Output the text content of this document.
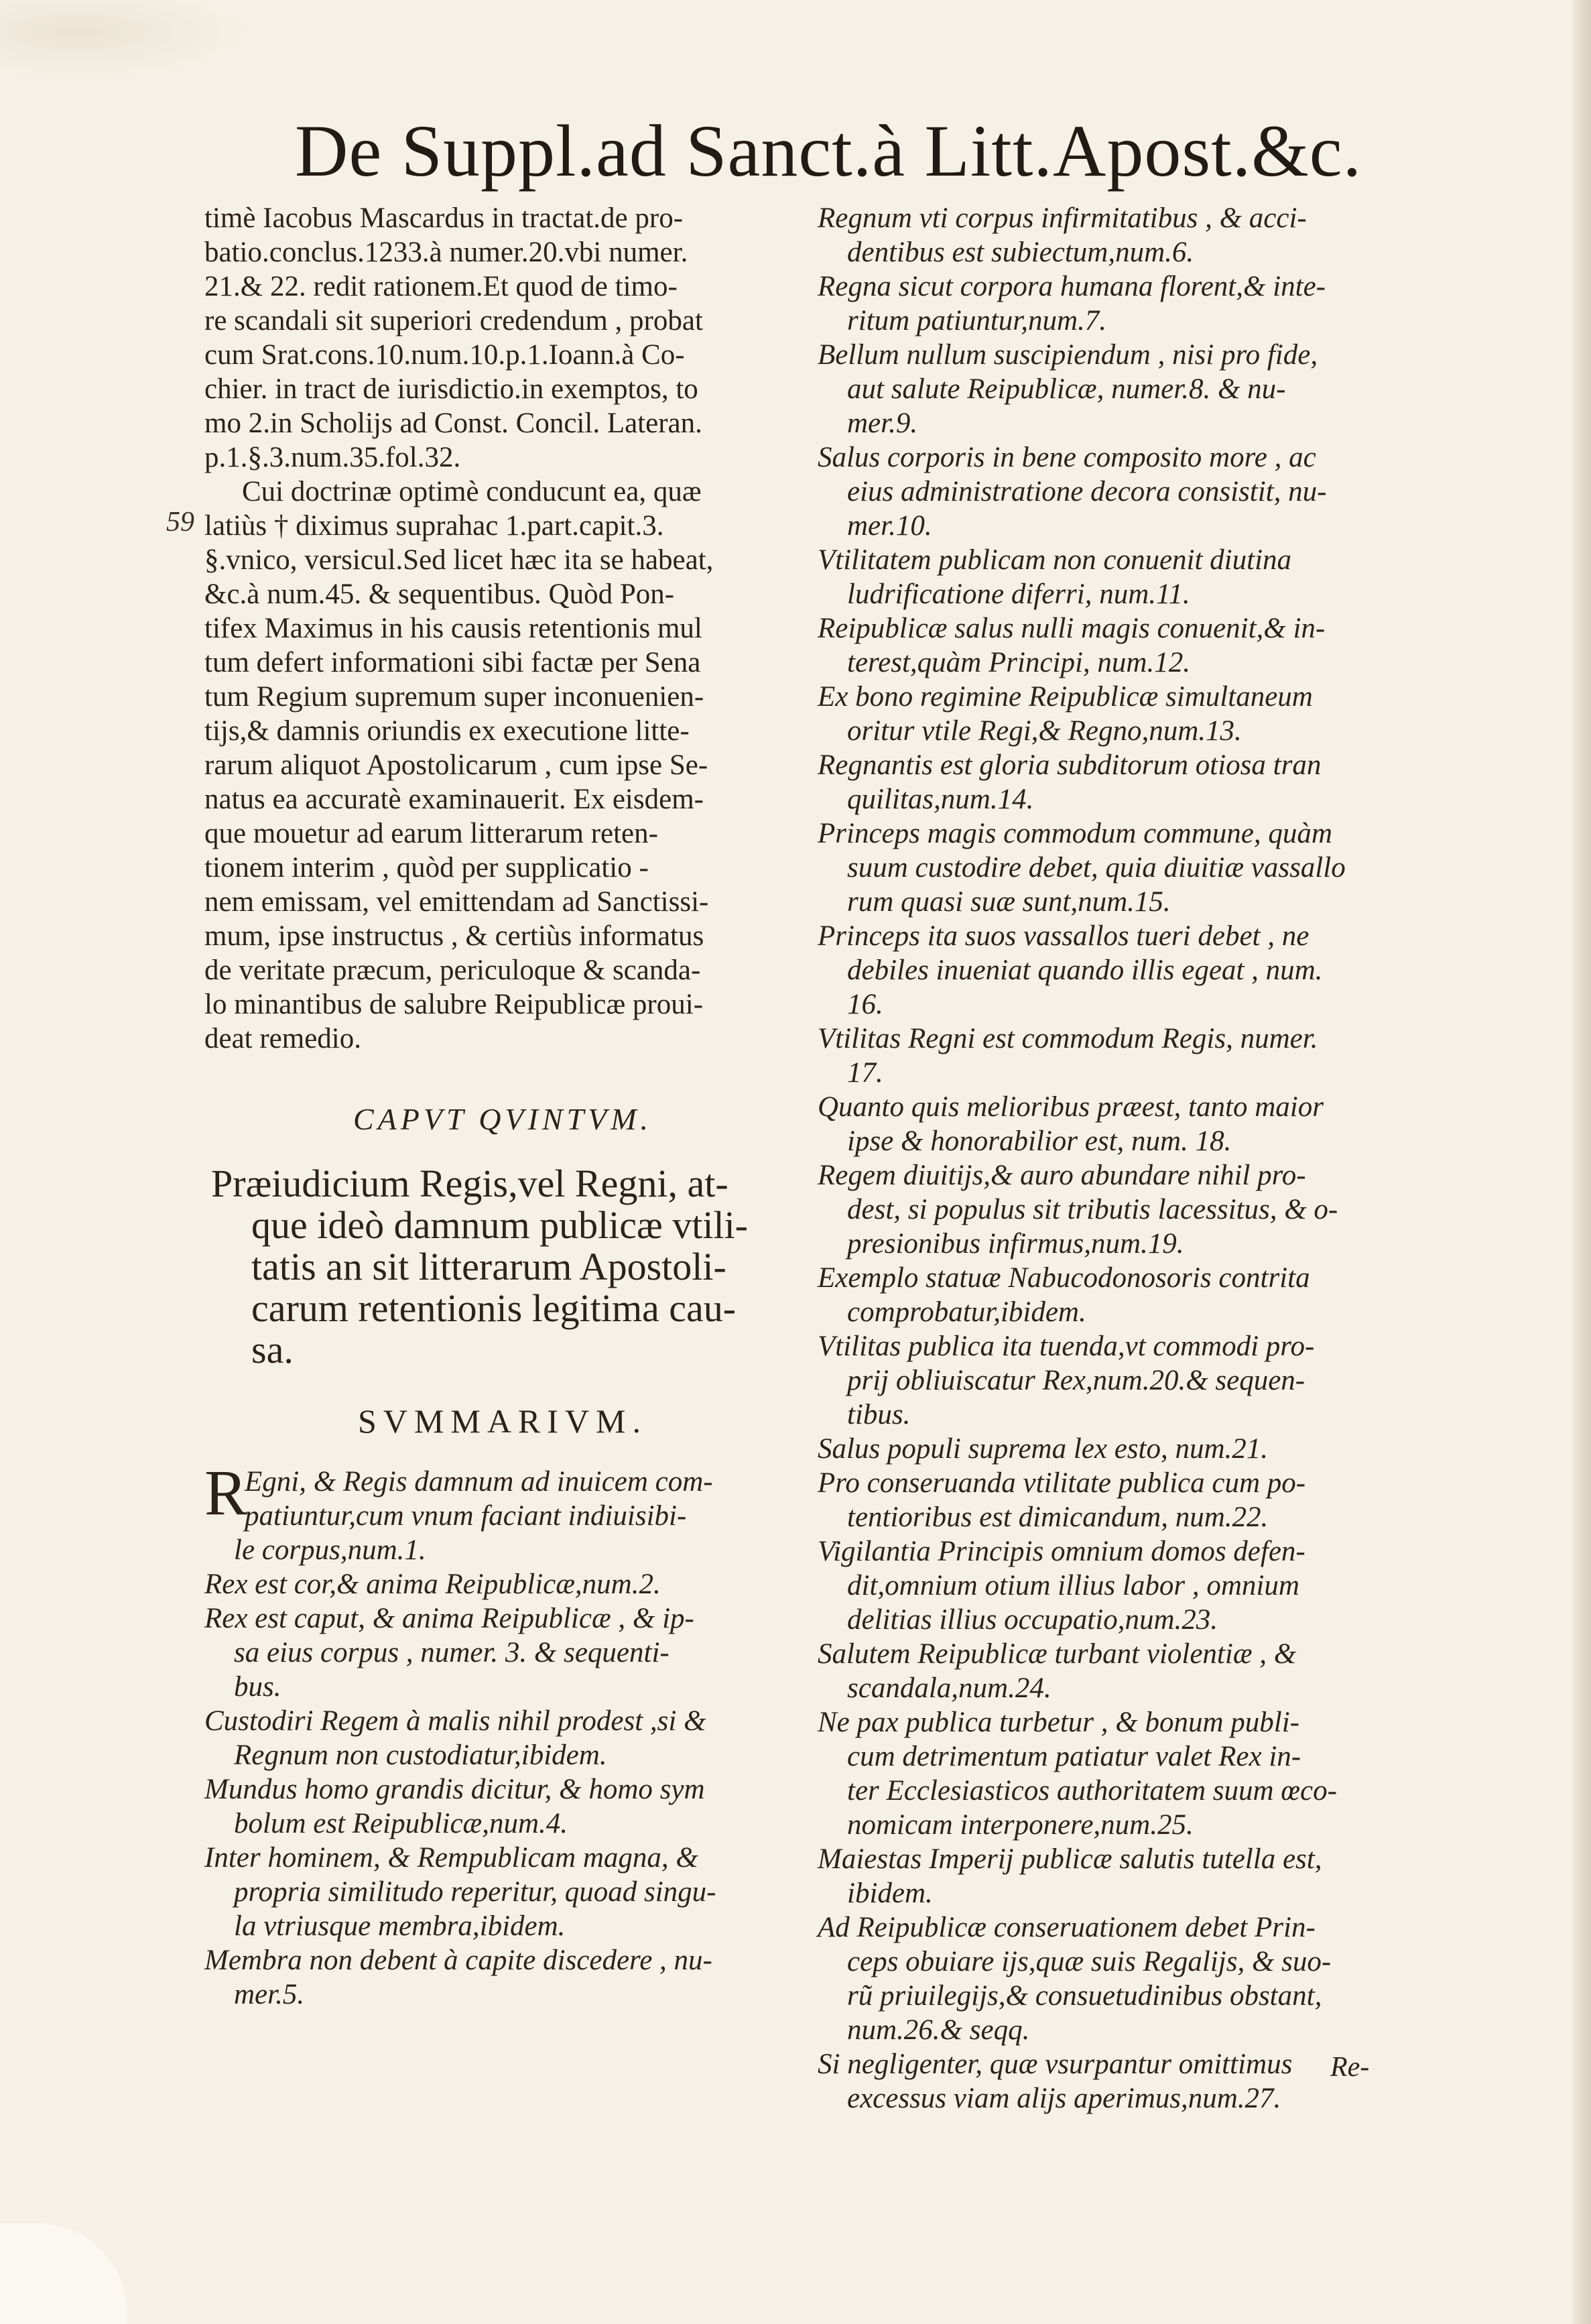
De Suppl.ad Sanct.à Litt.Apost.&c.
59
timè Iacobus Mascardus in tractat.de pro-
batio.conclus.1233.à numer.20.vbi numer.
21.& 22. redit rationem.Et quod de timo-
re scandali sit superiori credendum , probat
cum Srat.cons.10.num.10.p.1.Ioann.à Co-
chier. in tract de iurisdictio.in exemptos, to
mo 2.in Scholijs ad Const. Concil. Lateran.
p.1.§.3.num.35.fol.32.
Cui doctrinæ optimè conducunt ea, quæ
latiùs † diximus suprahac 1.part.capit.3.
§.vnico, versicul.Sed licet hæc ita se habeat,
&c.à num.45. & sequentibus. Quòd Pon-
tifex Maximus in his causis retentionis mul
tum defert informationi sibi factæ per Sena
tum Regium supremum super inconuenien-
tijs,& damnis oriundis ex executione litte-
rarum aliquot Apostolicarum , cum ipse Se-
natus ea accuratè examinauerit. Ex eisdem-
que mouetur ad earum litterarum reten-
tionem interim , quòd per supplicatio -
nem emissam, vel emittendam ad Sanctissi-
mum, ipse instructus , & certiùs informatus
de veritate præcum, periculoque & scanda-
lo minantibus de salubre Reipublicæ proui-
deat remedio.
CAPVT QVINTVM.
Præiudicium Regis,vel Regni, at-
que ideò damnum publicæ vtili-
tatis an sit litterarum Apostoli-
carum retentionis legitima cau-
sa.
SVMMARIVM.
R
Egni, & Regis damnum ad inuicem com-
patiuntur,cum vnum faciant indiuisibi-
le corpus,num.1.
Rex est cor,& anima Reipublicæ,num.2.
Rex est caput, & anima Reipublicæ , & ip-
sa eius corpus , numer. 3. & sequenti-
bus.
Custodiri Regem à malis nihil prodest ,si &
Regnum non custodiatur,ibidem.
Mundus homo grandis dicitur, & homo sym
bolum est Reipublicæ,num.4.
Inter hominem, & Rempublicam magna, &
propria similitudo reperitur, quoad singu-
la vtriusque membra,ibidem.
Membra non debent à capite discedere , nu-
mer.5.
Regnum vti corpus infirmitatibus , & acci-
dentibus est subiectum,num.6.
Regna sicut corpora humana florent,& inte-
ritum patiuntur,num.7.
Bellum nullum suscipiendum , nisi pro fide,
aut salute Reipublicæ, numer.8. & nu-
mer.9.
Salus corporis in bene composito more , ac
eius administratione decora consistit, nu-
mer.10.
Vtilitatem publicam non conuenit diutina
ludrificatione diferri, num.11.
Reipublicæ salus nulli magis conuenit,& in-
terest,quàm Principi, num.12.
Ex bono regimine Reipublicæ simultaneum
oritur vtile Regi,& Regno,num.13.
Regnantis est gloria subditorum otiosa tran
quilitas,num.14.
Princeps magis commodum commune, quàm
suum custodire debet, quia diuitiæ vassallo
rum quasi suæ sunt,num.15.
Princeps ita suos vassallos tueri debet , ne
debiles inueniat quando illis egeat , num.
16.
Vtilitas Regni est commodum Regis, numer.
17.
Quanto quis melioribus præest, tanto maior
ipse & honorabilior est, num. 18.
Regem diuitijs,& auro abundare nihil pro-
dest, si populus sit tributis lacessitus, & o-
presionibus infirmus,num.19.
Exemplo statuæ Nabucodonosoris contrita
comprobatur,ibidem.
Vtilitas publica ita tuenda,vt commodi pro-
prij obliuiscatur Rex,num.20.& sequen-
tibus.
Salus populi suprema lex esto, num.21.
Pro conseruanda vtilitate publica cum po-
tentioribus est dimicandum, num.22.
Vigilantia Principis omnium domos defen-
dit,omnium otium illius labor , omnium
delitias illius occupatio,num.23.
Salutem Reipublicæ turbant violentiæ , &
scandala,num.24.
Ne pax publica turbetur , & bonum publi-
cum detrimentum patiatur valet Rex in-
ter Ecclesiasticos authoritatem suum œco-
nomicam interponere,num.25.
Maiestas Imperij publicæ salutis tutella est,
ibidem.
Ad Reipublicæ conseruationem debet Prin-
ceps obuiare ijs,quæ suis Regalijs, & suo-
rũ priuilegijs,& consuetudinibus obstant,
num.26.& seqq.
Si negligenter, quæ vsurpantur omittimus
excessus viam alijs aperimus,num.27.
Re-
